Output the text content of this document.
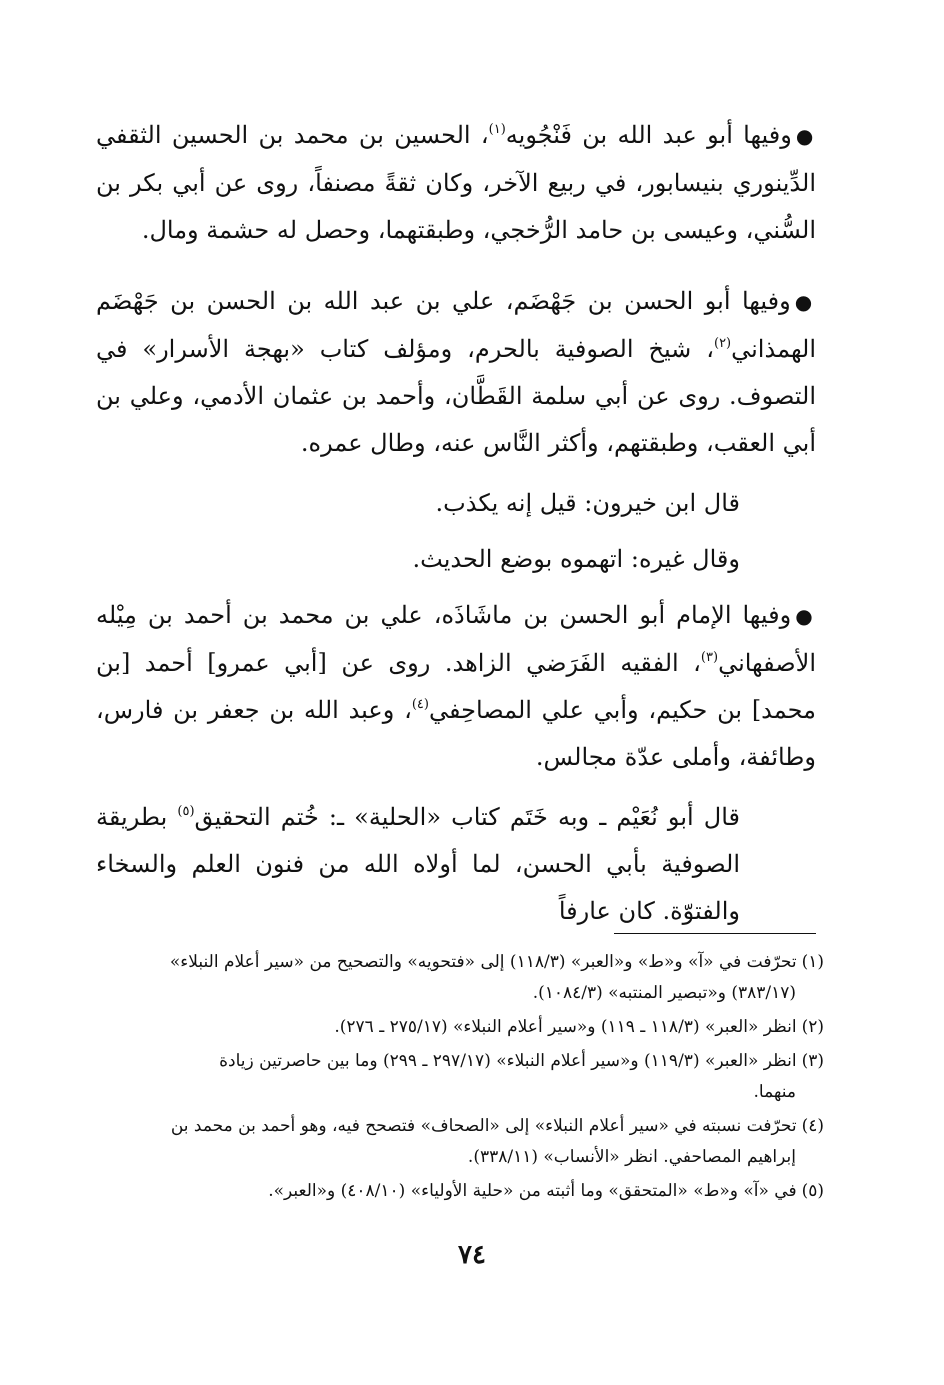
●وفيها أبو عبد الله بن فَنْجُويه$^{(١)}$، الحسين بن محمد بن الحسين الثقفي الدِّينوري بنيسابور، في ربيع الآخر، وكان ثقةً مصنفاً، روى عن أبي بكر بن السُّني، وعيسى بن حامد الرُّخجي، وطبقتهما، وحصل له حشمة ومال.

●وفيها أبو الحسن بن جَهْضَم، علي بن عبد الله بن الحسن بن جَهْضَم الهمذاني$^{(٢)}$، شيخ الصوفية بالحرم، ومؤلف كتاب «بهجة الأسرار» في التصوف. روى عن أبي سلمة القَطَّان، وأحمد بن عثمان الأدمي، وعلي بن أبي العقب، وطبقتهم، وأكثر النَّاس عنه، وطال عمره.

قال ابن خيرون: قيل إنه يكذب.

وقال غيره: اتهموه بوضع الحديث.

●وفيها الإمام أبو الحسن بن ماشَاذَه، علي بن محمد بن أحمد بن مِيْله الأصفهاني$^{(٣)}$، الفقيه الفَرَضي الزاهد. روى عن [أبي عمرو] أحمد [بن محمد] بن حكيم، وأبي علي المصاحِفي$^{(٤)}$، وعبد الله بن جعفر بن فارس، وطائفة، وأملى عدّة مجالس.

قال أبو نُعَيْم ـ وبه خَتَم كتاب «الحلية» ـ: خُتم التحقيق$^{(٥)}$ بطريقة الصوفية بأبي الحسن، لما أولاه الله من فنون العلم والسخاء والفتوّة. كان عارفاً

(١)تحرّفت في «آ» و«ط» و«العبر» (١١٨/٣) إلى «فتحويه» والتصحيح من «سير أعلام النبلاء»
(٣٨٣/١٧) و«تبصير المنتبه» (١٠٨٤/٣).

(٢)انظر «العبر» (١١٨/٣ ـ ١١٩) و«سير أعلام النبلاء» (٢٧٥/١٧ ـ ٢٧٦).

(٣)انظر «العبر» (١١٩/٣) و«سير أعلام النبلاء» (٢٩٧/١٧ ـ ٢٩٩) وما بين حاصرتين زيادة
منهما.

(٤)تحرّفت نسبته في «سير أعلام النبلاء» إلى «الصحاف» فتصحح فيه، وهو أحمد بن محمد بن
إبراهيم المصاحفي. انظر «الأنساب» (٣٣٨/١١).

(٥)في «آ» و«ط» «المتحقق» وما أثبته من «حلية الأولياء» (٤٠٨/١٠) و«العبر».

٧٤
